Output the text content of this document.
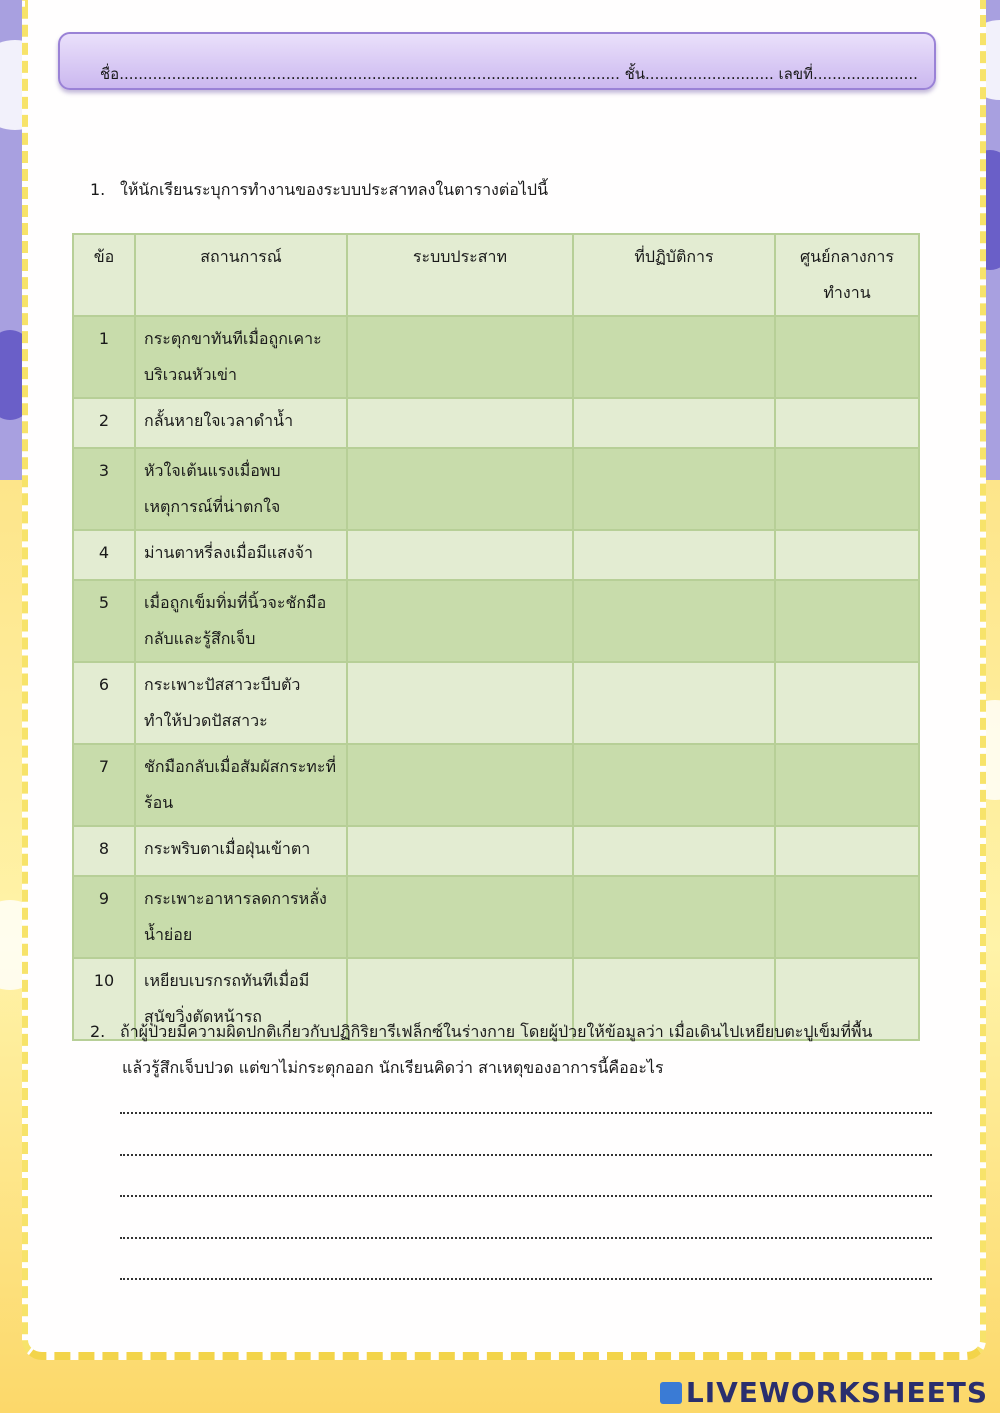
ชื่อ......................................................................................................... ชั้น........................... เลขที่......................
1. ให้นักเรียนระบุการทำงานของระบบประสาทลงในตารางต่อไปนี้
ข้อ	สถานการณ์	ระบบประสาท	ที่ปฏิบัติการ	ศูนย์กลางการทำงาน
1	กระตุกขาทันทีเมื่อถูกเคาะบริเวณหัวเข่า			
2	กลั้นหายใจเวลาดำน้ำ			
3	หัวใจเต้นแรงเมื่อพบเหตุการณ์ที่น่าตกใจ			
4	ม่านตาหรี่ลงเมื่อมีแสงจ้า			
5	เมื่อถูกเข็มทิ่มที่นิ้วจะชักมือกลับและรู้สึกเจ็บ			
6	กระเพาะปัสสาวะบีบตัวทำให้ปวดปัสสาวะ			
7	ชักมือกลับเมื่อสัมผัสกระทะที่ร้อน			
8	กระพริบตาเมื่อฝุ่นเข้าตา			
9	กระเพาะอาหารลดการหลั่งน้ำย่อย			
10	เหยียบเบรกรถทันทีเมื่อมีสุนัขวิ่งตัดหน้ารถ			
2. ถ้าผู้ป่วยมีความผิดปกติเกี่ยวกับปฏิกิริยารีเฟล็กซ์ในร่างกาย โดยผู้ป่วยให้ข้อมูลว่า เมื่อเดินไปเหยียบตะปูเข็มที่พื้น
แล้วรู้สึกเจ็บปวด แต่ขาไม่กระตุกออก นักเรียนคิดว่า สาเหตุของอาการนี้คืออะไร
LIVEWORKSHEETS
